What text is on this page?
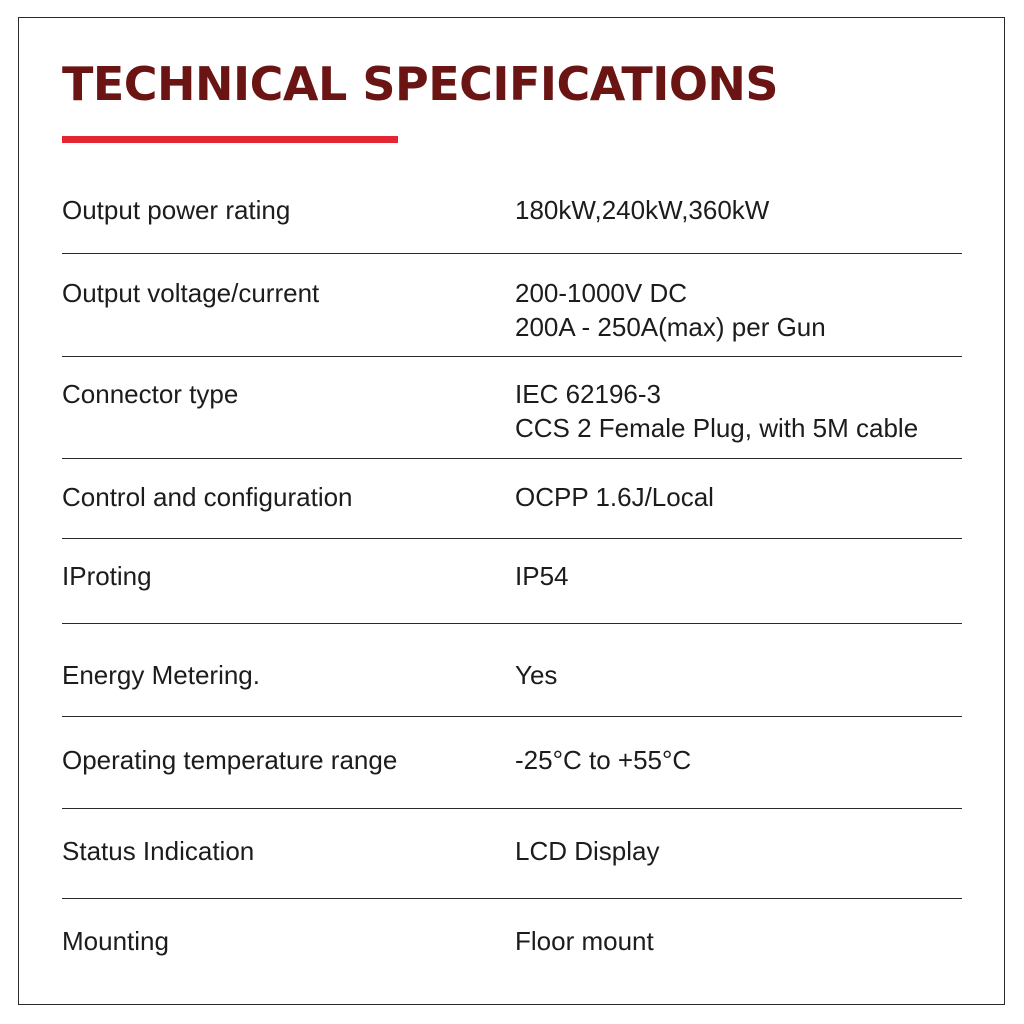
TECHNICAL SPECIFICATIONS
Output power rating	180kW,240kW,360kW
Output voltage/current	200-1000V DC
200A - 250A(max) per Gun
Connector type	IEC 62196-3
CCS 2 Female Plug, with 5M cable
Control and configuration	OCPP 1.6J/Local
IProting	IP54
Energy Metering.	Yes
Operating temperature range	-25°C to +55°C
Status Indication	LCD Display
Mounting	Floor mount
